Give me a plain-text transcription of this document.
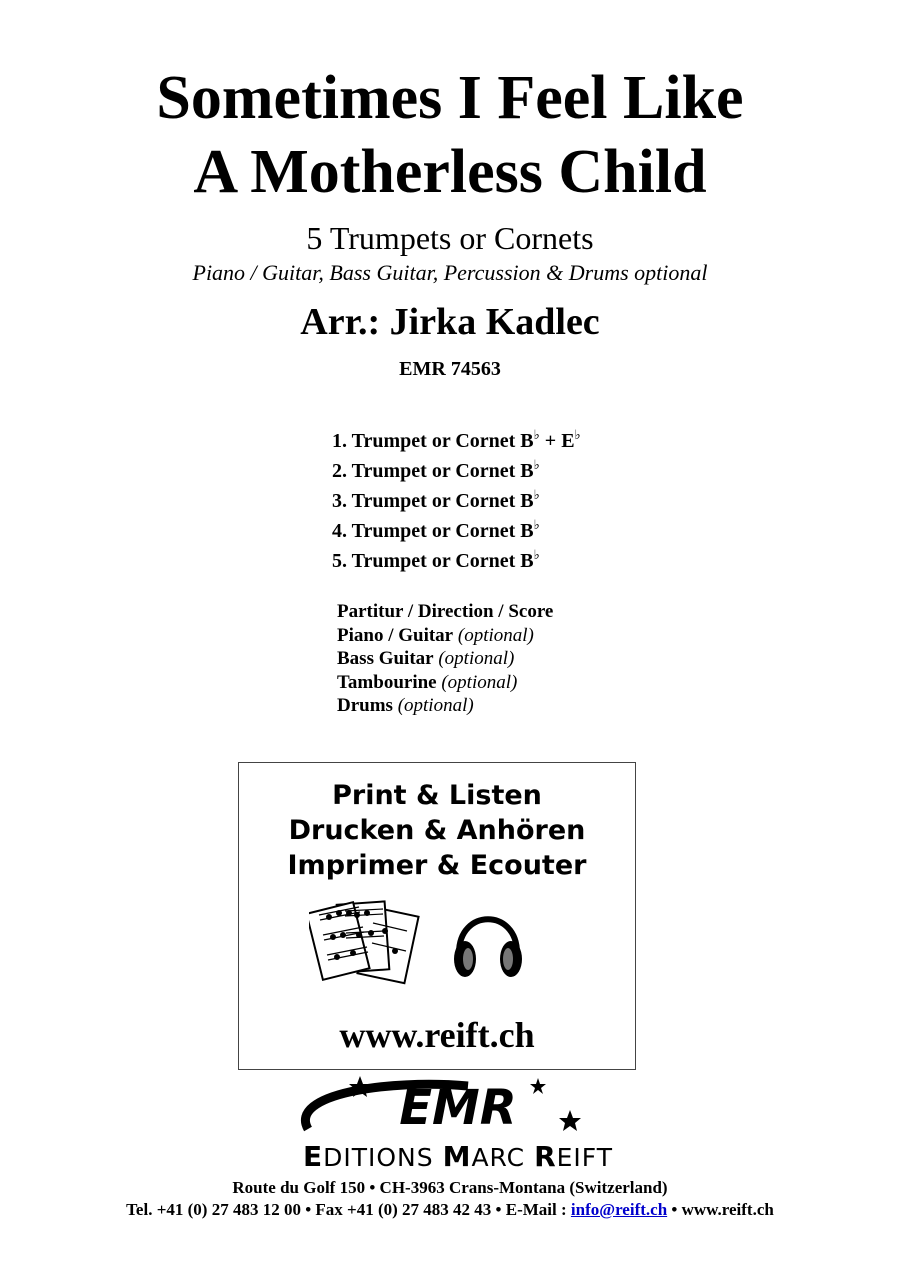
Sometimes I Feel Like
A Motherless Child
5 Trumpets or Cornets
Piano / Guitar, Bass Guitar, Percussion & Drums optional
Arr.: Jirka Kadlec
EMR 74563
1. Trumpet or Cornet B♭ + E♭
2. Trumpet or Cornet B♭
3. Trumpet or Cornet B♭
4. Trumpet or Cornet B♭
5. Trumpet or Cornet B♭
Partitur / Direction / Score
Piano / Guitar (optional)
Bass Guitar (optional)
Tambourine (optional)
Drums (optional)
Print & Listen
Drucken & Anhören
Imprimer & Ecouter
www.reift.ch
EMR
EDITIONS MARC REIFT
Route du Golf 150 • CH-3963 Crans-Montana (Switzerland)
Tel. +41 (0) 27 483 12 00 • Fax +41 (0) 27 483 42 43 • E-Mail : info@reift.ch • www.reift.ch
